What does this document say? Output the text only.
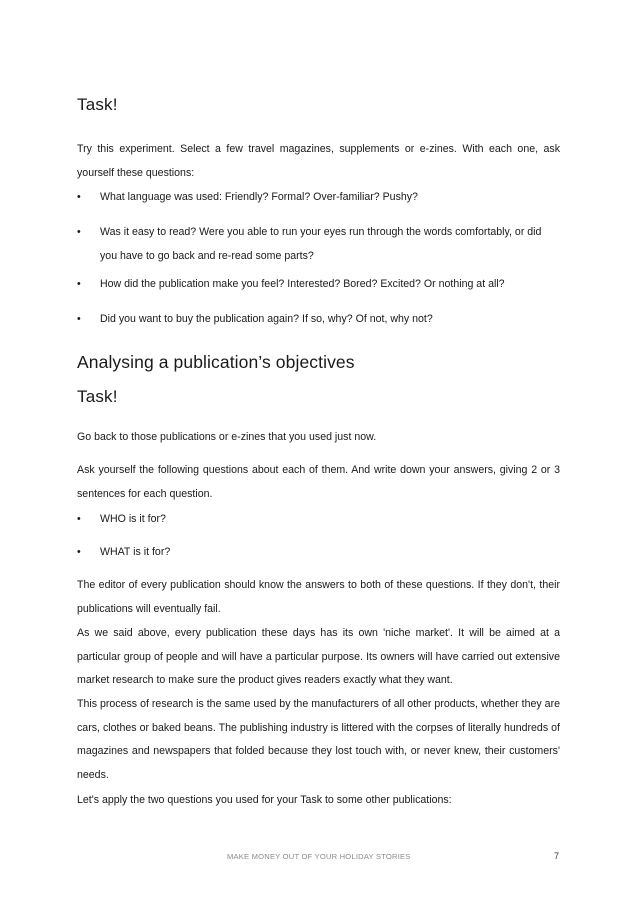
Task!

Try this experiment. Select a few travel magazines, supplements or e-zines. With each one, ask yourself these questions:

• What language was used: Friendly? Formal? Over-familiar? Pushy?
• Was it easy to read? Were you able to run your eyes run through the words comfortably, or did you have to go back and re-read some parts?
• How did the publication make you feel? Interested? Bored? Excited? Or nothing at all?
• Did you want to buy the publication again? If so, why? Of not, why not?
Analysing a publication’s objectives
Task!

Go back to those publications or e-zines that you used just now.

Ask yourself the following questions about each of them. And write down your answers, giving 2 or 3 sentences for each question.

• WHO is it for?
• WHAT is it for?

The editor of every publication should know the answers to both of these questions. If they don't, their publications will eventually fail.

As we said above, every publication these days has its own 'niche market'. It will be aimed at a particular group of people and will have a particular purpose. Its owners will have carried out extensive market research to make sure the product gives readers exactly what they want.

This process of research is the same used by the manufacturers of all other products, whether they are cars, clothes or baked beans. The publishing industry is littered with the corpses of literally hundreds of magazines and newspapers that folded because they lost touch with, or never knew, their customers' needs.

Let's apply the two questions you used for your Task to some other publications:

MAKE MONEY OUT OF YOUR HOLIDAY STORIES	7
